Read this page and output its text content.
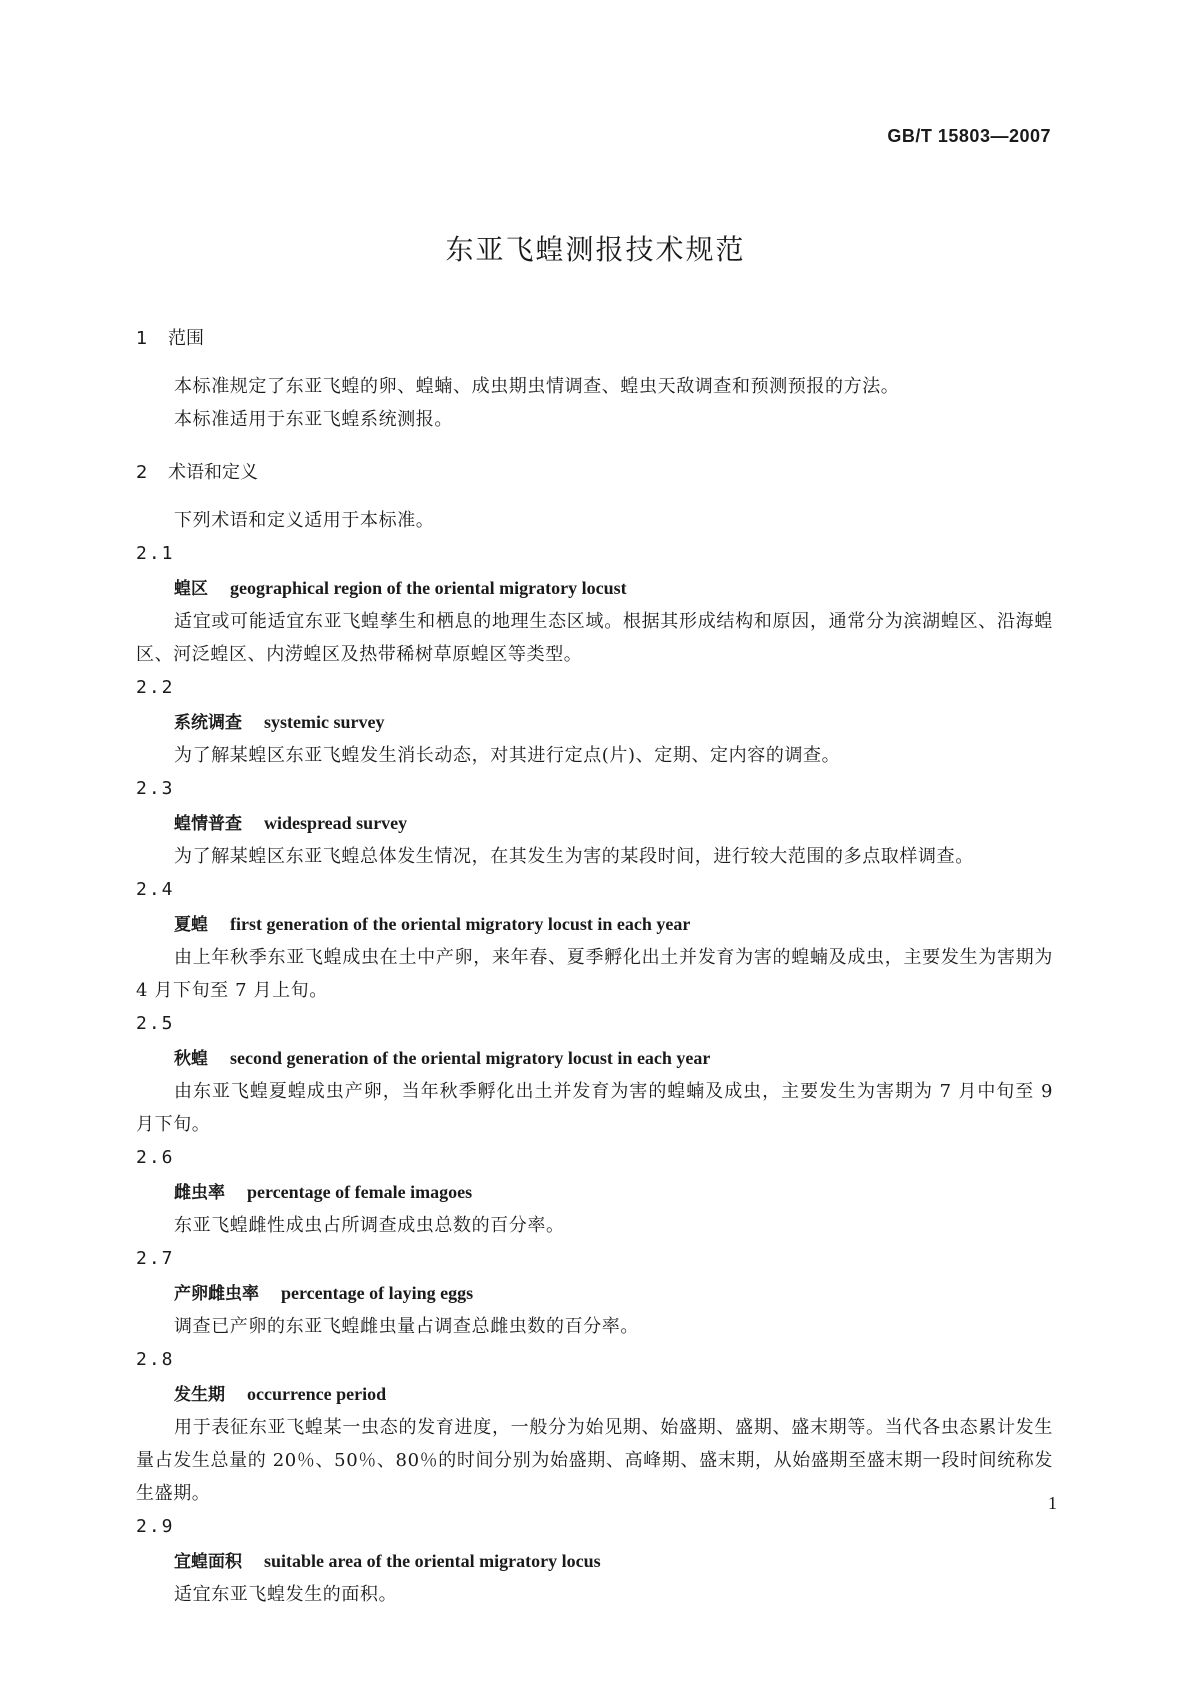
GB/T 15803—2007
东亚飞蝗测报技术规范
1 范围
本标准规定了东亚飞蝗的卵、蝗蝻、成虫期虫情调查、蝗虫天敌调查和预测预报的方法。
本标准适用于东亚飞蝗系统测报。
2 术语和定义
下列术语和定义适用于本标准。
2.1
蝗区 geographical region of the oriental migratory locust
适宜或可能适宜东亚飞蝗孳生和栖息的地理生态区域。根据其形成结构和原因，通常分为滨湖蝗区、沿海蝗区、河泛蝗区、内涝蝗区及热带稀树草原蝗区等类型。
2.2
系统调查 systemic survey
为了解某蝗区东亚飞蝗发生消长动态，对其进行定点(片)、定期、定内容的调查。
2.3
蝗情普查 widespread survey
为了解某蝗区东亚飞蝗总体发生情况，在其发生为害的某段时间，进行较大范围的多点取样调查。
2.4
夏蝗 first generation of the oriental migratory locust in each year
由上年秋季东亚飞蝗成虫在土中产卵，来年春、夏季孵化出土并发育为害的蝗蝻及成虫，主要发生为害期为 4 月下旬至 7 月上旬。
2.5
秋蝗 second generation of the oriental migratory locust in each year
由东亚飞蝗夏蝗成虫产卵，当年秋季孵化出土并发育为害的蝗蝻及成虫，主要发生为害期为 7 月中旬至 9 月下旬。
2.6
雌虫率 percentage of female imagoes
东亚飞蝗雌性成虫占所调查成虫总数的百分率。
2.7
产卵雌虫率 percentage of laying eggs
调查已产卵的东亚飞蝗雌虫量占调查总雌虫数的百分率。
2.8
发生期 occurrence period
用于表征东亚飞蝗某一虫态的发育进度，一般分为始见期、始盛期、盛期、盛末期等。当代各虫态累计发生量占发生总量的 20％、50％、80％的时间分别为始盛期、高峰期、盛末期，从始盛期至盛末期一段时间统称发生盛期。
2.9
宜蝗面积 suitable area of the oriental migratory locus
适宜东亚飞蝗发生的面积。
1
